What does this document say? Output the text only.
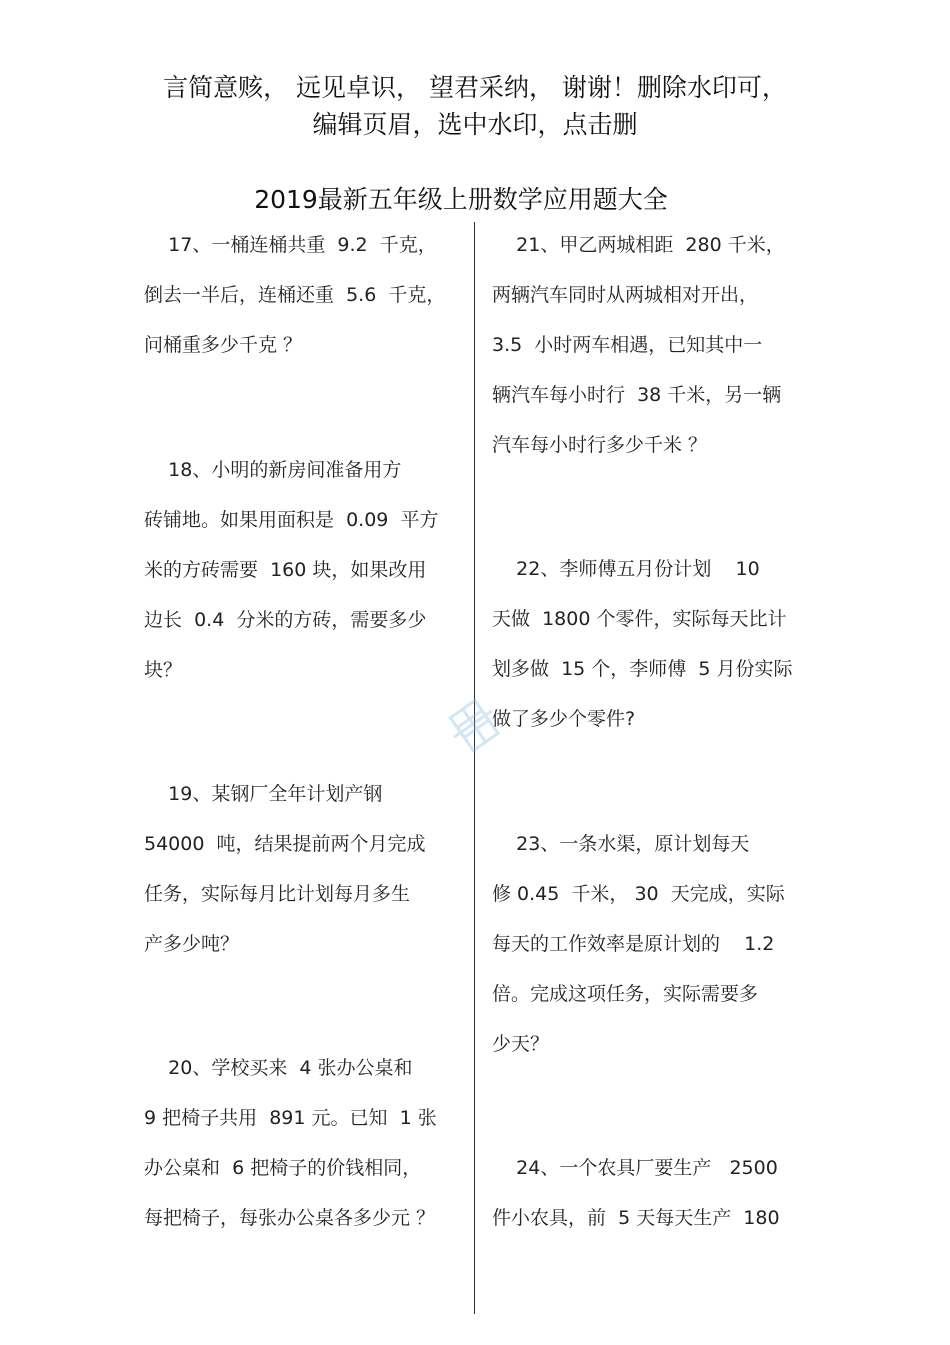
言简意赅， 远见卓识， 望君采纳， 谢谢！删除水印可，
编辑页眉，选中水印，点击删
2019最新五年级上册数学应用题大全
17、一桶连桶共重  9.2  千克，
倒去一半后，连桶还重  5.6  千克，
问桶重多少千克 ？
18、小明的新房间准备用方
砖铺地。如果用面积是  0.09  平方
米的方砖需要  160 块，如果改用
边长  0.4  分米的方砖，需要多少
块？
19、某钢厂全年计划产钢
54000  吨，结果提前两个月完成
任务，实际每月比计划每月多生
产多少吨？
20、学校买来  4 张办公桌和
9 把椅子共用  891 元。已知  1 张
办公桌和  6 把椅子的价钱相同，
每把椅子，每张办公桌各多少元 ？
21、甲乙两城相距  280 千米，
两辆汽车同时从两城相对开出，
3.5  小时两车相遇，已知其中一
辆汽车每小时行  38 千米，另一辆
汽车每小时行多少千米 ？
22、李师傅五月份计划    10
天做  1800 个零件，实际每天比计
划多做  15 个，李师傅  5 月份实际
做了多少个零件?
23、一条水渠，原计划每天
修 0.45  千米， 30  天完成，实际
每天的工作效率是原计划的    1.2
倍。完成这项任务，实际需要多
少天？
24、一个农具厂要生产   2500
件小农具，前  5 天每天生产  180
